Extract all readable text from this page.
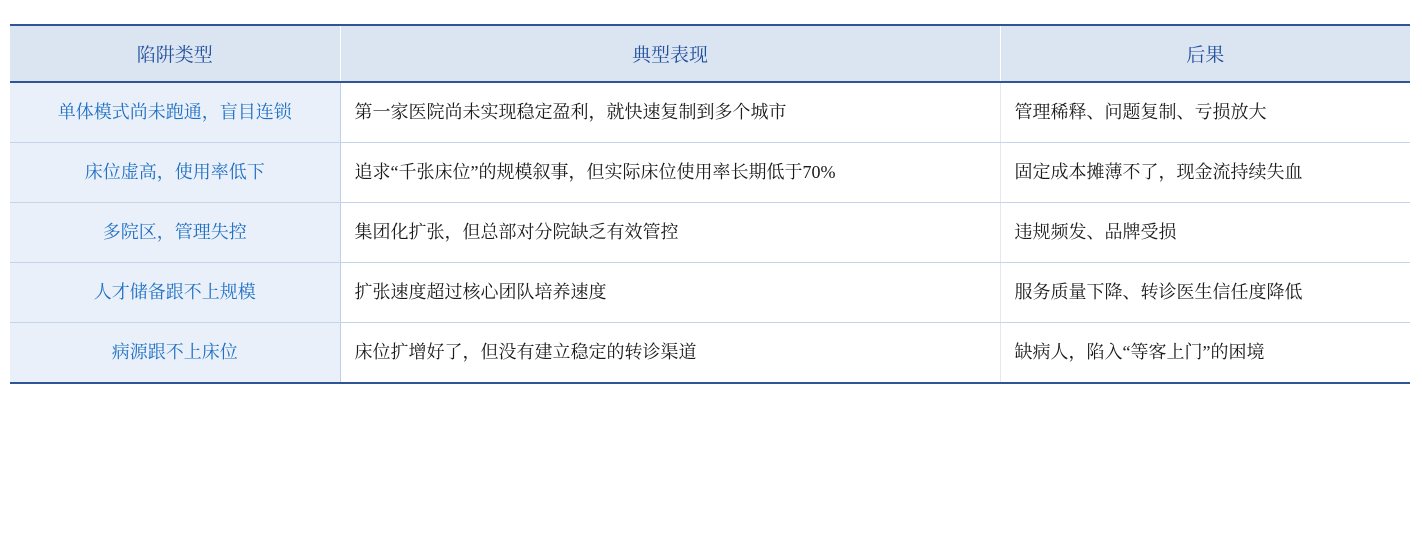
陷阱类型	典型表现	后果
单体模式尚未跑通，盲目连锁	第一家医院尚未实现稳定盈利，就快速复制到多个城市	管理稀释、问题复制、亏损放大
床位虚高，使用率低下	追求“千张床位”的规模叙事，但实际床位使用率长期低于70%	固定成本摊薄不了，现金流持续失血
多院区，管理失控	集团化扩张，但总部对分院缺乏有效管控	违规频发、品牌受损
人才储备跟不上规模	扩张速度超过核心团队培养速度	服务质量下降、转诊医生信任度降低
病源跟不上床位	床位扩增好了，但没有建立稳定的转诊渠道	缺病人，陷入“等客上门”的困境
